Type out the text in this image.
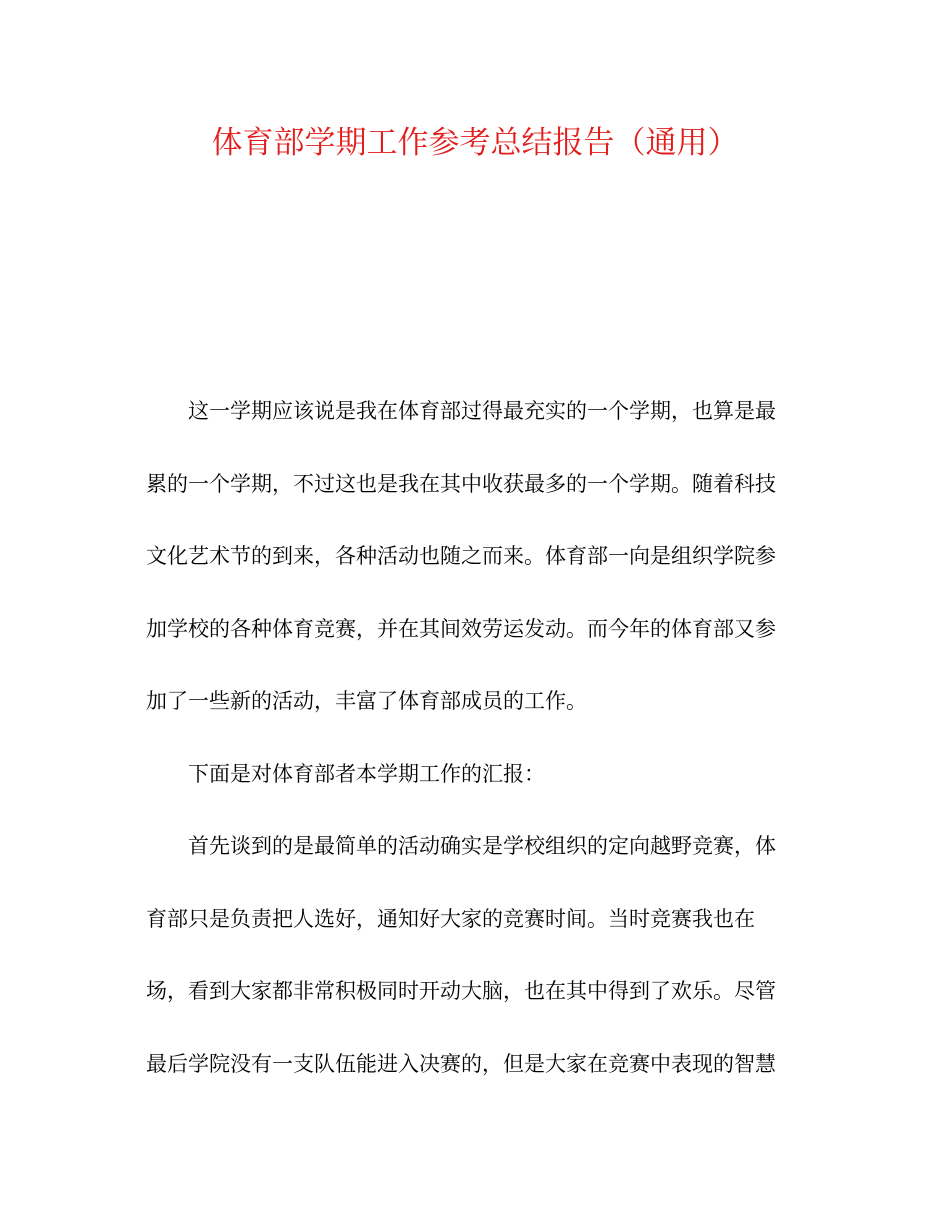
体育部学期工作参考总结报告（通用）
这一学期应该说是我在体育部过得最充实的一个学期，也算是最
累的一个学期，不过这也是我在其中收获最多的一个学期。随着科技
文化艺术节的到来，各种活动也随之而来。体育部一向是组织学院参
加学校的各种体育竞赛，并在其间效劳运发动。而今年的体育部又参
加了一些新的活动，丰富了体育部成员的工作。
下面是对体育部者本学期工作的汇报：
首先谈到的是最简单的活动确实是学校组织的定向越野竞赛，体
育部只是负责把人选好，通知好大家的竞赛时间。当时竞赛我也在
场，看到大家都非常积极同时开动大脑，也在其中得到了欢乐。尽管
最后学院没有一支队伍能进入决赛的，但是大家在竞赛中表现的智慧
